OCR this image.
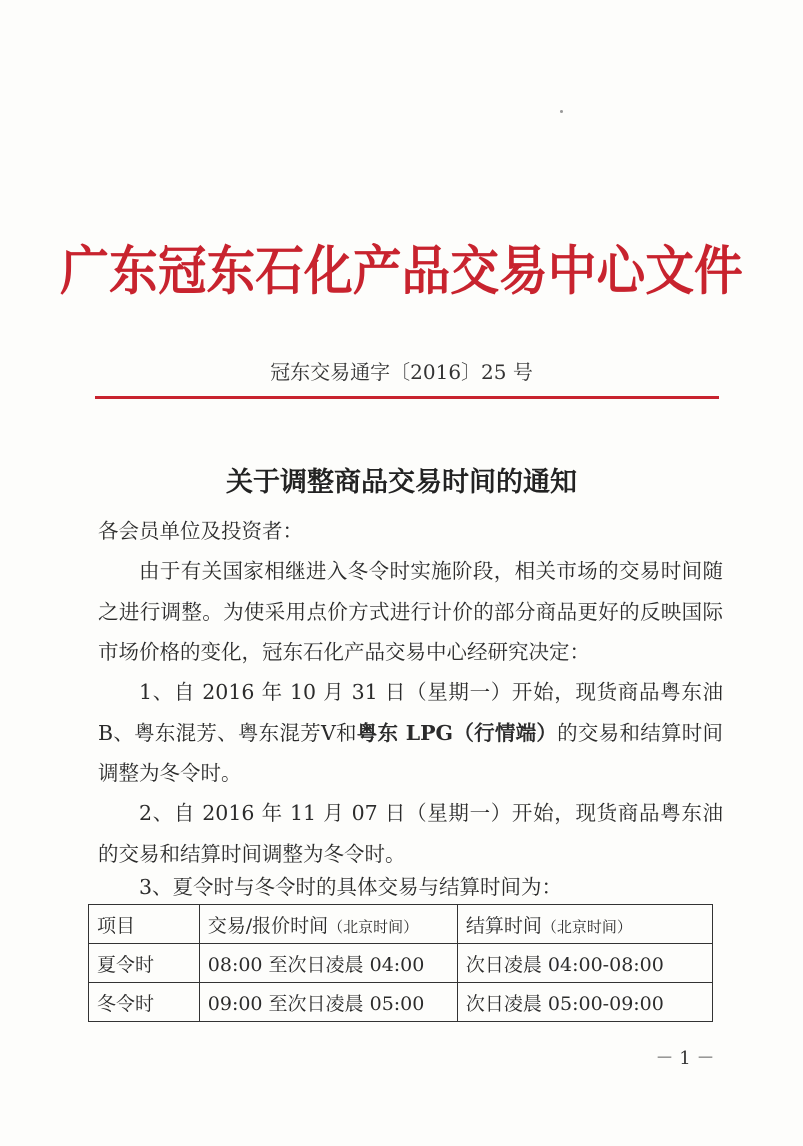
广东冠东石化产品交易中心文件
冠东交易通字〔2016〕25 号
关于调整商品交易时间的通知
各会员单位及投资者：

由于有关国家相继进入冬令时实施阶段，相关市场的交易时间随之进行调整。为使采用点价方式进行计价的部分商品更好的反映国际市场价格的变化，冠东石化产品交易中心经研究决定：

1、自 2016 年 10 月 31 日（星期一）开始，现货商品粤东油 B、粤东混芳、粤东混芳Ⅴ和粤东 LPG（行情端）的交易和结算时间调整为冬令时。

2、自 2016 年 11 月 07 日（星期一）开始，现货商品粤东油的交易和结算时间调整为冬令时。

3、夏令时与冬令时的具体交易与结算时间为：

项目	交易/报价时间（北京时间）	结算时间（北京时间）
夏令时	08:00 至次日凌晨 04:00	次日凌晨 04:00-08:00
冬令时	09:00 至次日凌晨 05:00	次日凌晨 05:00-09:00
－ 1 －
